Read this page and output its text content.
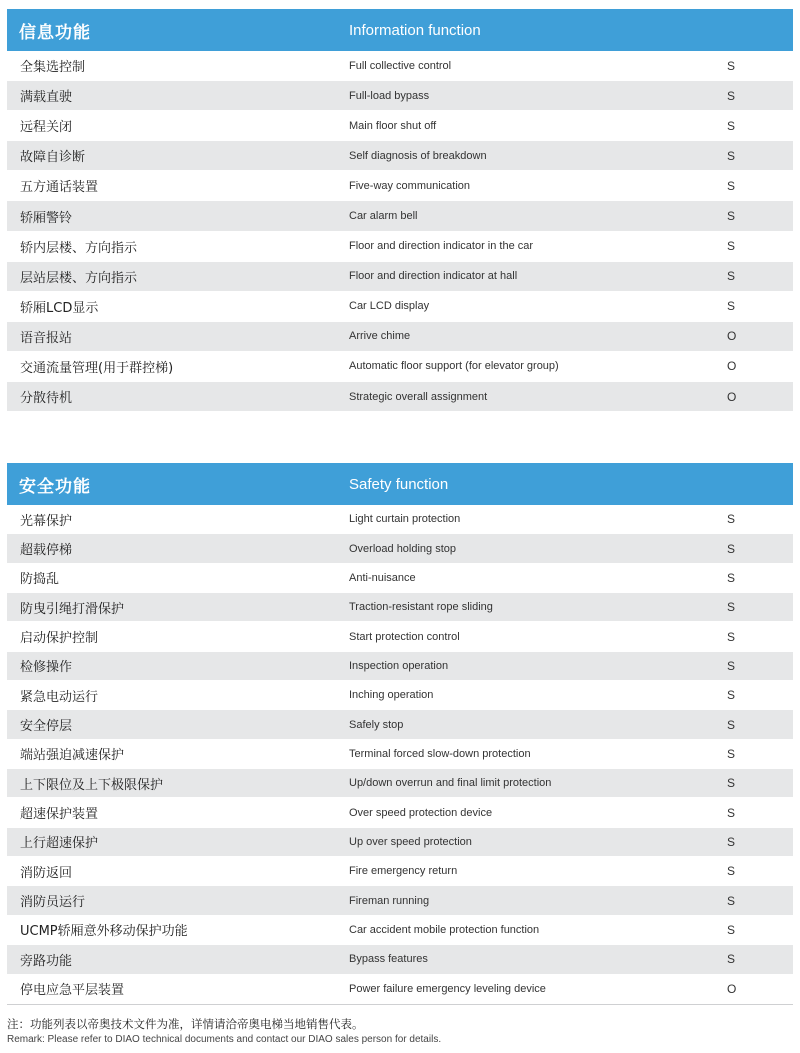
信息功能	Information function
全集选控制	Full collective control	S
满载直驶	Full-load bypass	S
远程关闭	Main floor shut off	S
故障自诊断	Self diagnosis of breakdown	S
五方通话装置	Five-way communication	S
轿厢警铃	Car alarm bell	S
轿内层楼、方向指示	Floor and direction indicator in the car	S
层站层楼、方向指示	Floor and direction indicator at hall	S
轿厢LCD显示	Car LCD display	S
语音报站	Arrive chime	O
交通流量管理(用于群控梯)	Automatic floor support (for elevator group)	O
分散待机	Strategic overall assignment	O
安全功能	Safety function
光幕保护	Light curtain protection	S
超载停梯	Overload holding stop	S
防捣乱	Anti-nuisance	S
防曳引绳打滑保护	Traction-resistant rope sliding	S
启动保护控制	Start protection control	S
检修操作	Inspection operation	S
紧急电动运行	Inching operation	S
安全停层	Safely stop	S
端站强迫减速保护	Terminal forced slow-down protection	S
上下限位及上下极限保护	Up/down overrun and final limit protection	S
超速保护装置	Over speed protection device	S
上行超速保护	Up over speed protection	S
消防返回	Fire emergency return	S
消防员运行	Fireman running	S
UCMP轿厢意外移动保护功能	Car accident mobile protection function	S
旁路功能	Bypass features	S
停电应急平层装置	Power failure emergency leveling device	O
注：功能列表以帝奥技术文件为准，详情请洽帝奥电梯当地销售代表。
Remark: Please refer to DIAO technical documents and contact our DIAO sales person for details.
